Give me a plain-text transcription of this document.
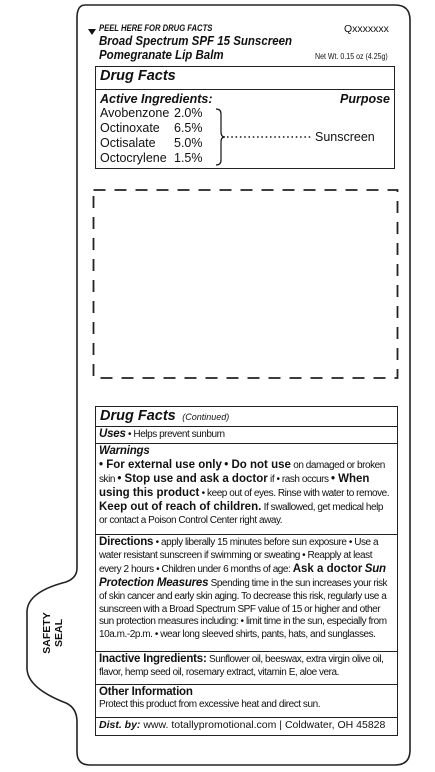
PEEL HERE FOR DRUG FACTS	Qxxxxxxx
Broad Spectrum SPF 15 Sunscreen
Pomegranate Lip Balm	Net Wt. 0.15 oz (4.25g)
Drug Facts
Active Ingredients:	Purpose
Avobenzone 2.0%
Octinoxate 6.5%
Octisalate 5.0%
Octocrylene 1.5%
Sunscreen
SAFETY SEAL
Drug Facts (Continued)
Uses • Helps prevent sunburn
Warnings
• For external use only • Do not use on damaged or broken skin • Stop use and ask a doctor if • rash occurs • When using this product • keep out of eyes. Rinse with water to remove. Keep out of reach of children. If swallowed, get medical help or contact a Poison Control Center right away.
Directions • apply liberally 15 minutes before sun exposure • Use a water resistant sunscreen if swimming or sweating • Reapply at least every 2 hours • Children under 6 months of age: Ask a doctor Sun Protection Measures Spending time in the sun increases your risk of skin cancer and early skin aging. To decrease this risk, regularly use a sunscreen with a Broad Spectrum SPF value of 15 or higher and other sun protection measures including: • limit time in the sun, especially from 10a.m.-2p.m. • wear long sleeved shirts, pants, hats, and sunglasses.
Inactive Ingredients: Sunflower oil, beeswax, extra virgin olive oil, flavor, hemp seed oil, rosemary extract, vitamin E, aloe vera.
Other Information
Protect this product from excessive heat and direct sun.
Dist. by: www. totallypromotional.com | Coldwater, OH 45828
